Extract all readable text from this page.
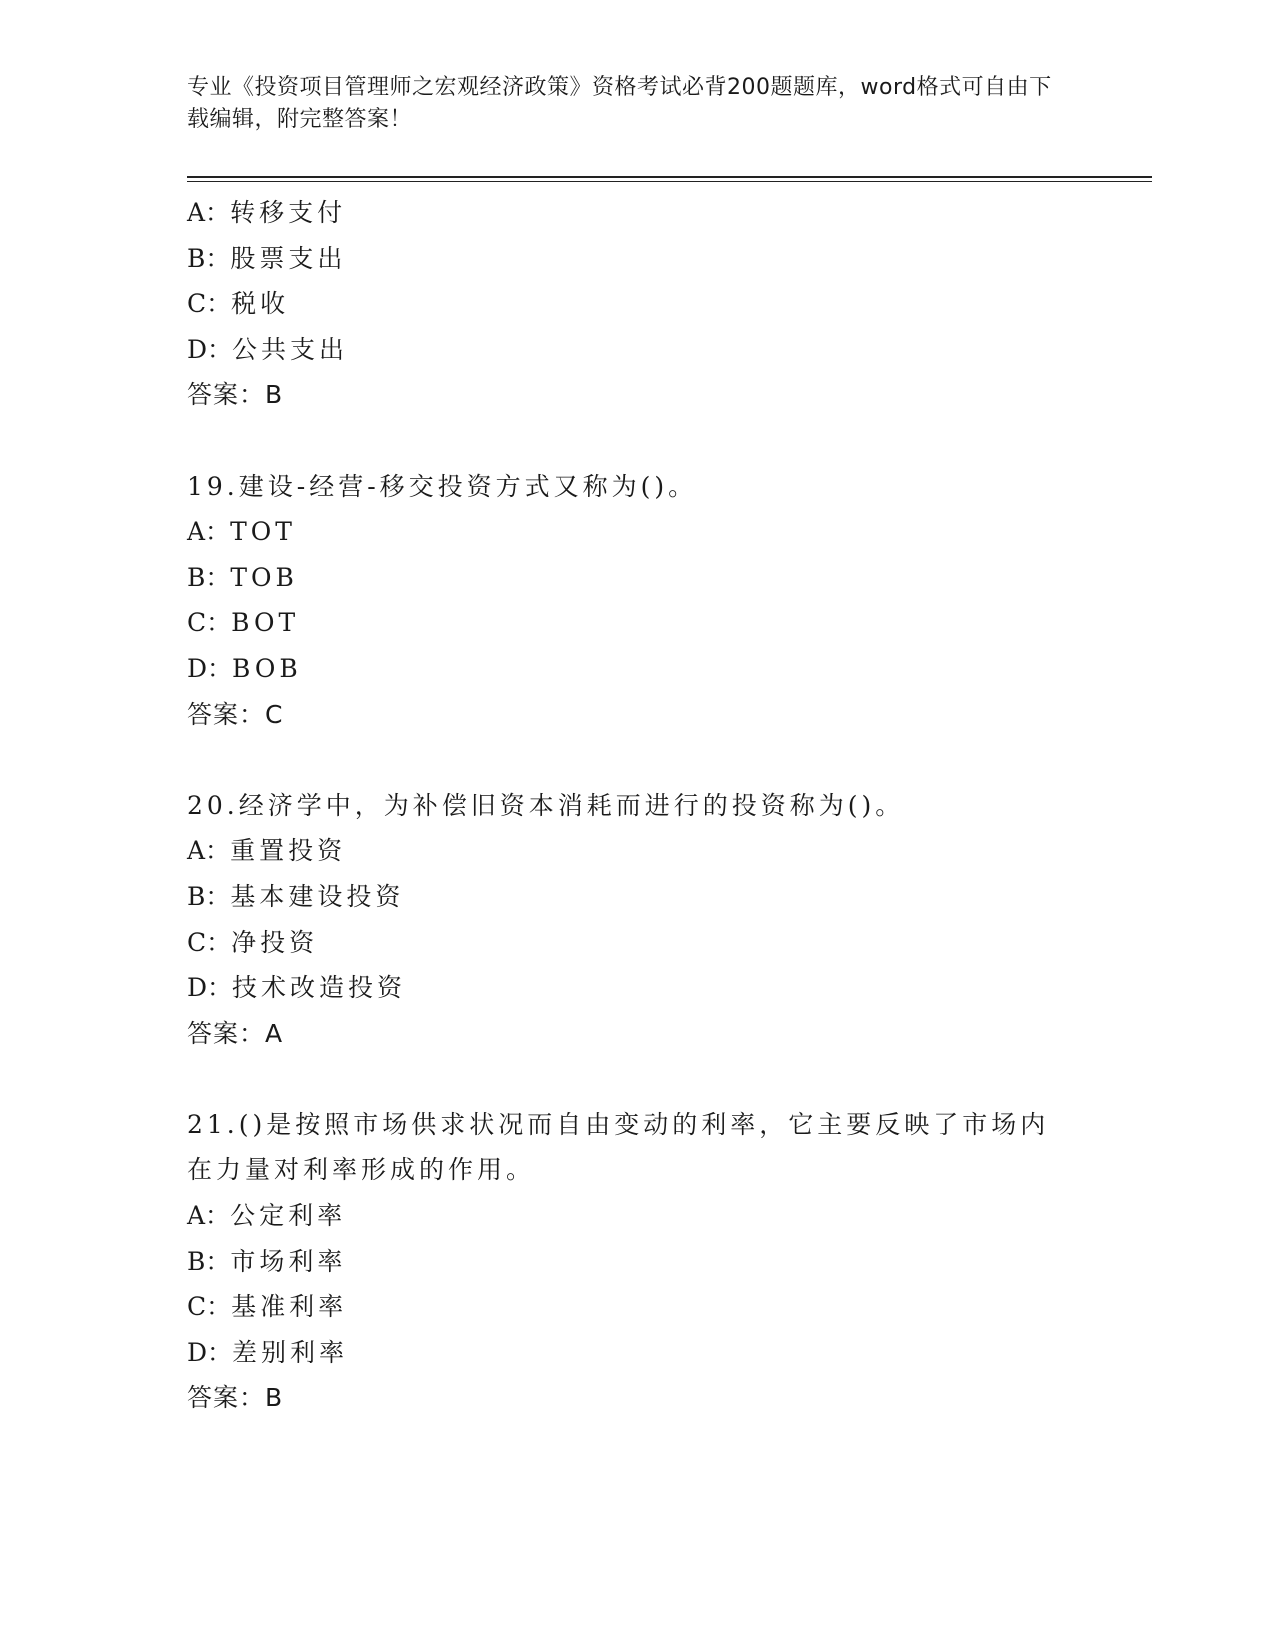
专业《投资项目管理师之宏观经济政策》资格考试必背200题题库，word格式可自由下载编辑，附完整答案！
A：转移支付
B：股票支出
C：税收
D：公共支出
答案：B
19.建设-经营-移交投资方式又称为()。
A：TOT
B：TOB
C：BOT
D：BOB
答案：C
20.经济学中，为补偿旧资本消耗而进行的投资称为()。
A：重置投资
B：基本建设投资
C：净投资
D：技术改造投资
答案：A
21.()是按照市场供求状况而自由变动的利率，它主要反映了市场内在力量对利率形成的作用。
A：公定利率
B：市场利率
C：基准利率
D：差别利率
答案：B
